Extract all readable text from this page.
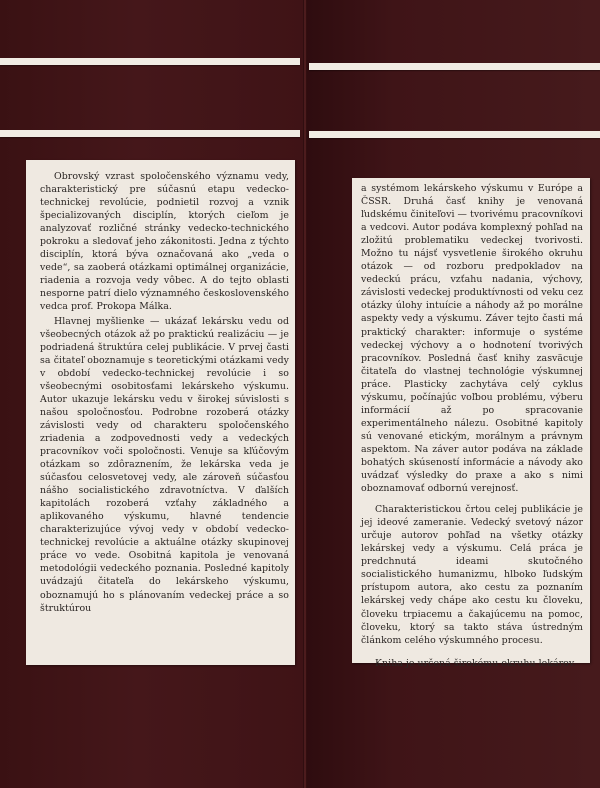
Obrovský vzrast spoločenského významu vedy, charakteristický pre súčasnú etapu vedecko-technickej revolúcie, podnietil rozvoj a vznik špecializovaných disciplín, ktorých cieľom je analyzovať rozličné stránky vedecko-technického pokroku a sledovať jeho zákonitosti. Jedna z týchto disciplín, ktorá býva označovaná ako „veda o vede“, sa zaoberá otázkami optimálnej organizácie, riadenia a rozvoja vedy vôbec. A do tejto oblasti nesporne patrí dielo významného československého vedca prof. Prokopa Málka.

Hlavnej myšlienke — ukázať lekársku vedu od všeobecných otázok až po praktickú realizáciu — je podriadená štruktúra celej publikácie. V prvej časti sa čitateľ oboznamuje s teoretickými otázkami vedy v období vedecko-technickej revolúcie i so všeobecnými osobitosťami lekárskeho výskumu. Autor ukazuje lekársku vedu v širokej súvislosti s našou spoločnosťou. Podrobne rozoberá otázky závislosti vedy od charakteru spoločenského zriadenia a zodpovednosti vedy a vedeckých pracovníkov voči spoločnosti. Venuje sa kľúčovým otázkam so zdôraznením, že lekárska veda je súčasťou celosvetovej vedy, ale zároveň súčasťou nášho socialistického zdravotníctva. V ďalších kapitolách rozoberá vzťahy základného a aplikovaného výskumu, hlavné tendencie charakterizujúce vývoj vedy v období vedecko-technickej revolúcie a aktuálne otázky skupinovej práce vo vede. Osobitná kapitola je venovaná metodológii vedeckého poznania. Posledné kapitoly uvádzajú čitateľa do lekárskeho výskumu, oboznamujú ho s plánovaním vedeckej práce a so štruktúrou

a systémom lekárskeho výskumu v Európe a ČSSR. Druhá časť knihy je venovaná ľudskému činiteľovi — tvorivému pracovníkovi a vedcovi. Autor podáva komplexný pohľad na zložitú problematiku vedeckej tvorivosti. Možno tu nájsť vysvetlenie širokého okruhu otázok — od rozboru predpokladov na vedeckú prácu, vzťahu nadania, výchovy, závislosti vedeckej produktívnosti od veku cez otázky úlohy intuície a náhody až po morálne aspekty vedy a výskumu. Záver tejto časti má praktický charakter: informuje o systéme vedeckej výchovy a o hodnotení tvorivých pracovníkov. Posledná časť knihy zasväcuje čitateľa do vlastnej technológie výskumnej práce. Plasticky zachytáva celý cyklus výskumu, počínajúc voľbou problému, výberu informácií až po spracovanie experimentálneho nálezu. Osobitné kapitoly sú venované etickým, morálnym a právnym aspektom. Na záver autor podáva na základe bohatých skúseností informácie a návody ako uvádzať výsledky do praxe a ako s nimi oboznamovať odbornú verejnosť.

Charakteristickou črtou celej publikácie je jej ideové zameranie. Vedecký svetový názor určuje autorov pohľad na všetky otázky lekárskej vedy a výskumu. Celá práca je predchnutá ideami skutočného socialistického humanizmu, hlboko ľudským prístupom autora, ako cestu za poznaním lekárskej vedy chápe ako cestu ku človeku, človeku trpiacemu a čakajúcemu na pomoc, človeku, ktorý sa takto stáva ústredným článkom celého výskumného procesu.

Kniha je určená širokému okruhu lekárov.
